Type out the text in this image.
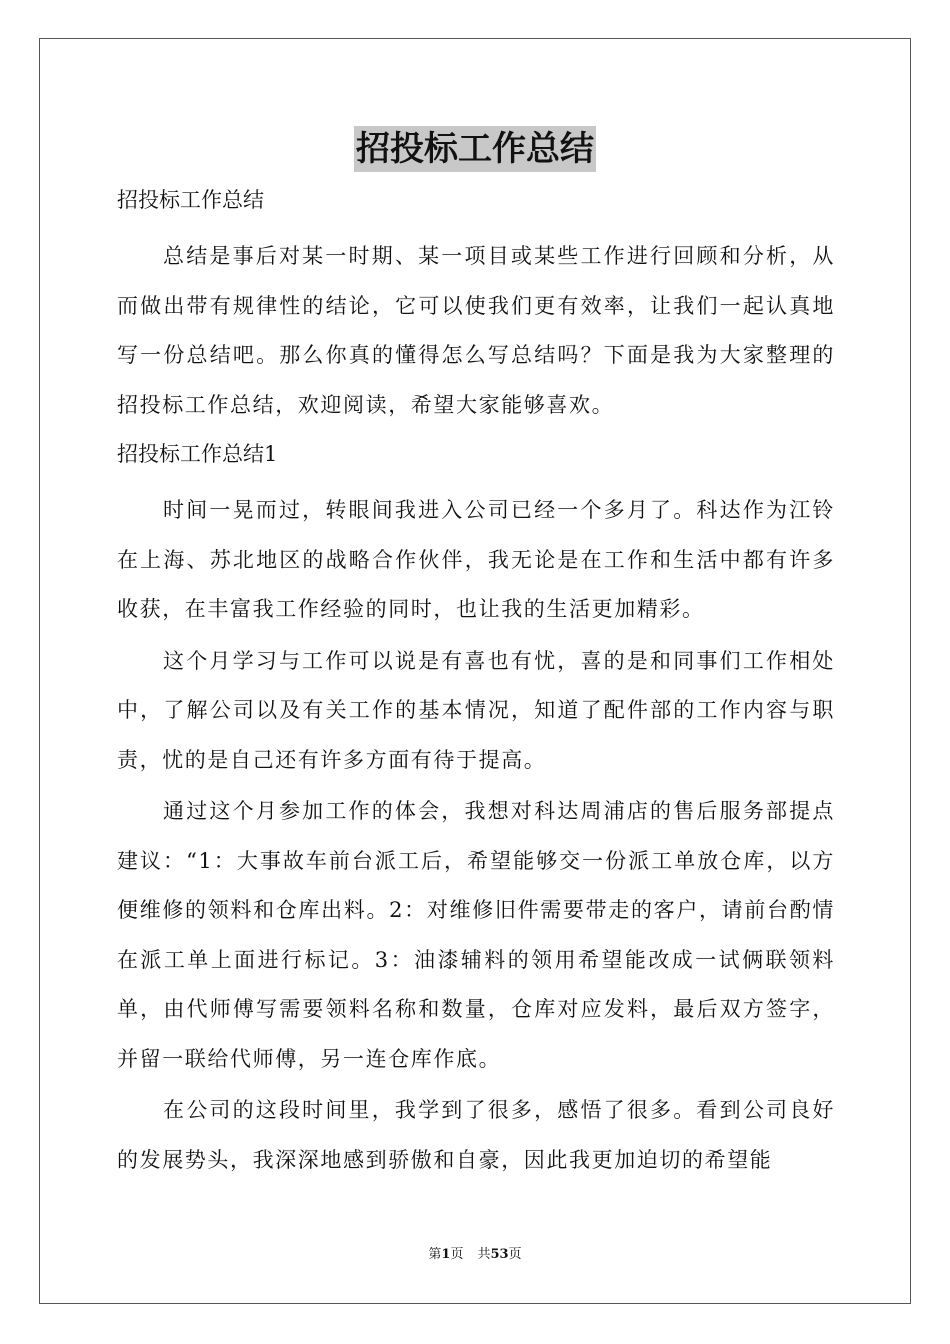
招投标工作总结
招投标工作总结

总结是事后对某一时期、某一项目或某些工作进行回顾和分析，从而做出带有规律性的结论，它可以使我们更有效率，让我们一起认真地写一份总结吧。那么你真的懂得怎么写总结吗？下面是我为大家整理的招投标工作总结，欢迎阅读，希望大家能够喜欢。

招投标工作总结1

时间一晃而过，转眼间我进入公司已经一个多月了。科达作为江铃在上海、苏北地区的战略合作伙伴，我无论是在工作和生活中都有许多收获，在丰富我工作经验的同时，也让我的生活更加精彩。

这个月学习与工作可以说是有喜也有忧，喜的是和同事们工作相处中，了解公司以及有关工作的基本情况，知道了配件部的工作内容与职责，忧的是自己还有许多方面有待于提高。

通过这个月参加工作的体会，我想对科达周浦店的售后服务部提点建议：“1：大事故车前台派工后，希望能够交一份派工单放仓库，以方便维修的领料和仓库出料。2：对维修旧件需要带走的客户，请前台酌情在派工单上面进行标记。3：油漆辅料的领用希望能改成一试俩联领料单，由代师傅写需要领料名称和数量，仓库对应发料，最后双方签字，并留一联给代师傅，另一连仓库作底。

在公司的这段时间里，我学到了很多，感悟了很多。看到公司良好的发展势头，我深深地感到骄傲和自豪，因此我更加迫切的希望能

第1页 共53页
